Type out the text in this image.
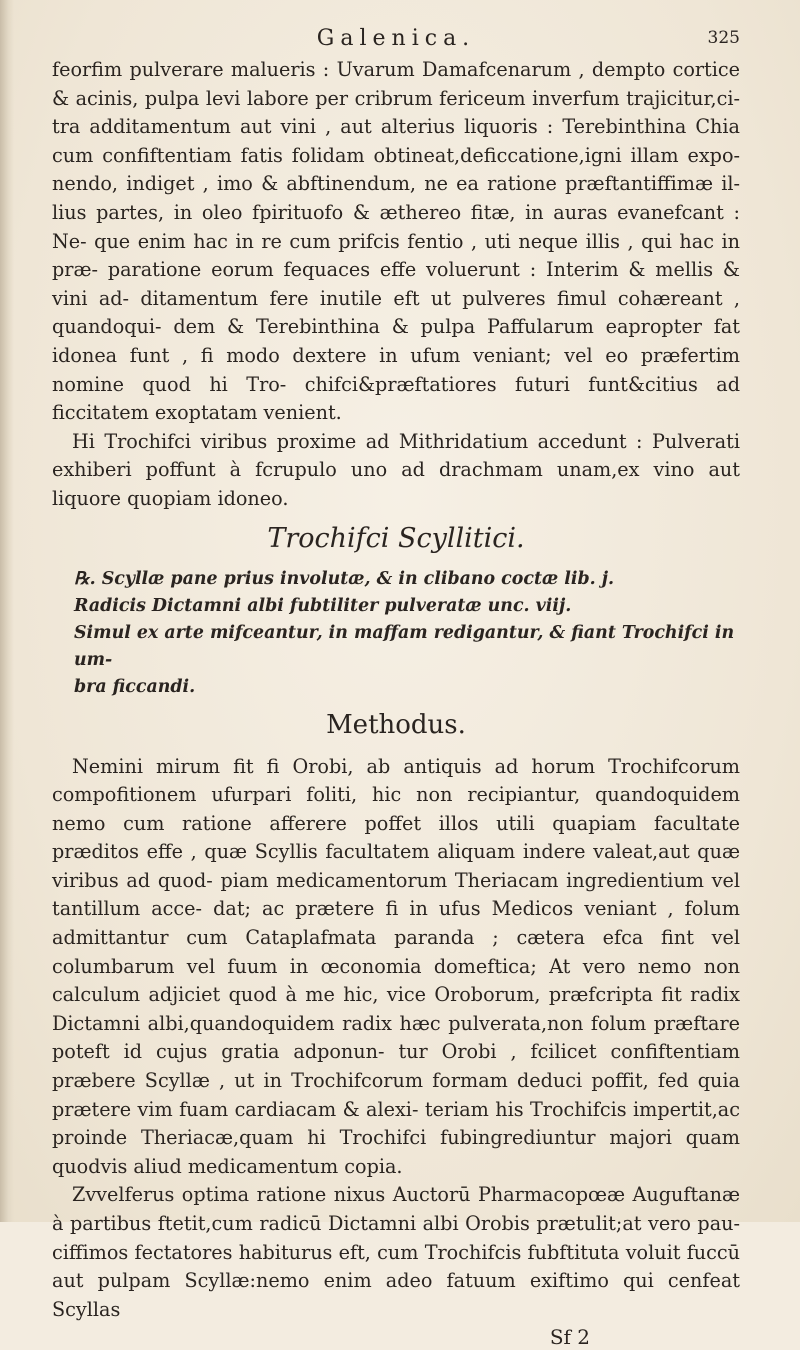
Galenica.	325

feorfim pulverare malueris : Uvarum Damafcenarum , dempto cortice & acinis, pulpa levi labore per cribrum fericeum inverfum trajicitur,ci- tra additamentum aut vini , aut alterius liquoris : Terebinthina Chia cum confiftentiam fatis folidam obtineat,deficcatione,igni illam expo- nendo, indiget , imo & abftinendum, ne ea ratione præftantiffimæ il- lius partes, in oleo fpirituofo & æthereo fitæ, in auras evanefcant : Ne- que enim hac in re cum prifcis fentio , uti neque illis , qui hac in præ- paratione eorum fequaces effe voluerunt : Interim & mellis & vini ad- ditamentum fere inutile eft ut pulveres fimul cohæreant , quandoqui- dem & Terebinthina & pulpa Paffularum eapropter fat idonea funt , fi modo dextere in ufum veniant; vel eo præfertim nomine quod hi Tro- chifci&præftatiores futuri funt&citius ad ficcitatem exoptatam venient.

Hi Trochifci viribus proxime ad Mithridatium accedunt : Pulverati exhiberi poffunt à fcrupulo uno ad drachmam unam,ex vino aut liquore quopiam idoneo.

Trochifci Scyllitici.
℞. Scyllæ pane prius involutæ, & in clibano coctæ lib. j.
Radicis Dictamni albi fubtiliter pulveratæ unc. viij.
Simul ex arte mifceantur, in maffam redigantur, & fiant Trochifci in um-
bra ficcandi.
Methodus.

Nemini mirum fit fi Orobi, ab antiquis ad horum Trochifcorum compofitionem ufurpari foliti, hic non recipiantur, quandoquidem nemo cum ratione afferere poffet illos utili quapiam facultate præditos effe , quæ Scyllis facultatem aliquam indere valeat,aut quæ viribus ad quod- piam medicamentorum Theriacam ingredientium vel tantillum acce- dat; ac prætere fi in ufus Medicos veniant , folum admittantur cum Cataplafmata paranda ; cætera efca fint vel columbarum vel fuum in œconomia domeftica; At vero nemo non calculum adjiciet quod à me hic, vice Oroborum, præfcripta fit radix Dictamni albi,quandoquidem radix hæc pulverata,non folum præftare poteft id cujus gratia adponun- tur Orobi , fcilicet confiftentiam præbere Scyllæ , ut in Trochifcorum formam deduci poffit, fed quia prætere vim fuam cardiacam & alexi- teriam his Trochifcis impertit,ac proinde Theriacæ,quam hi Trochifci fubingrediuntur majori quam quodvis aliud medicamentum copia.

Zvvelferus optima ratione nixus Auctorū Pharmacopœæ Auguftanæ à partibus ftetit,cum radicū Dictamni albi Orobis prætulit;at vero pau- ciffimos fectatores habiturus eft, cum Trochifcis fubftituta voluit fuccū aut pulpam Scyllæ:nemo enim adeo fatuum exiftimo qui cenfeat Scyllas

Sf 2
